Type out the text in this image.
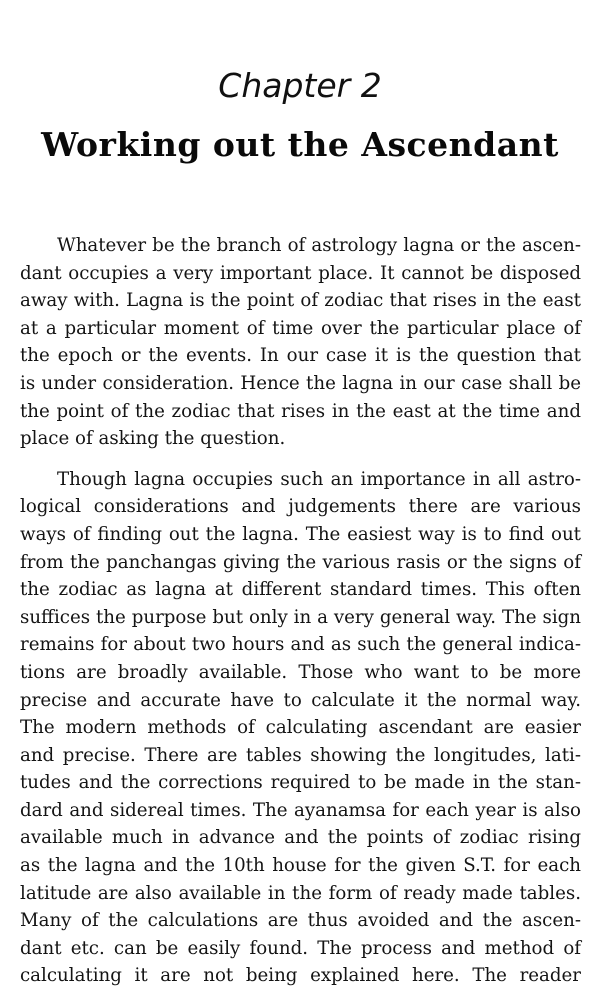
Chapter 2
Working out the Ascendant
Whatever be the branch of astrology lagna or the ascen-
dant occupies a very important place. It cannot be disposed
away with. Lagna is the point of zodiac that rises in the east
at a particular moment of time over the particular place of
the epoch or the events. In our case it is the question that
is under consideration. Hence the lagna in our case shall be
the point of the zodiac that rises in the east at the time and
place of asking the question.
Though lagna occupies such an importance in all astro-
logical considerations and judgements there are various
ways of finding out the lagna. The easiest way is to find out
from the panchangas giving the various rasis or the signs of
the zodiac as lagna at different standard times. This often
suffices the purpose but only in a very general way. The sign
remains for about two hours and as such the general indica-
tions are broadly available. Those who want to be more
precise and accurate have to calculate it the normal way.
The modern methods of calculating ascendant are easier
and precise. There are tables showing the longitudes, lati-
tudes and the corrections required to be made in the stan-
dard and sidereal times. The ayanamsa for each year is also
available much in advance and the points of zodiac rising
as the lagna and the 10th house for the given S.T. for each
latitude are also available in the form of ready made tables.
Many of the calculations are thus avoided and the ascen-
dant etc. can be easily found. The process and method of
calculating it are not being explained here. The reader
